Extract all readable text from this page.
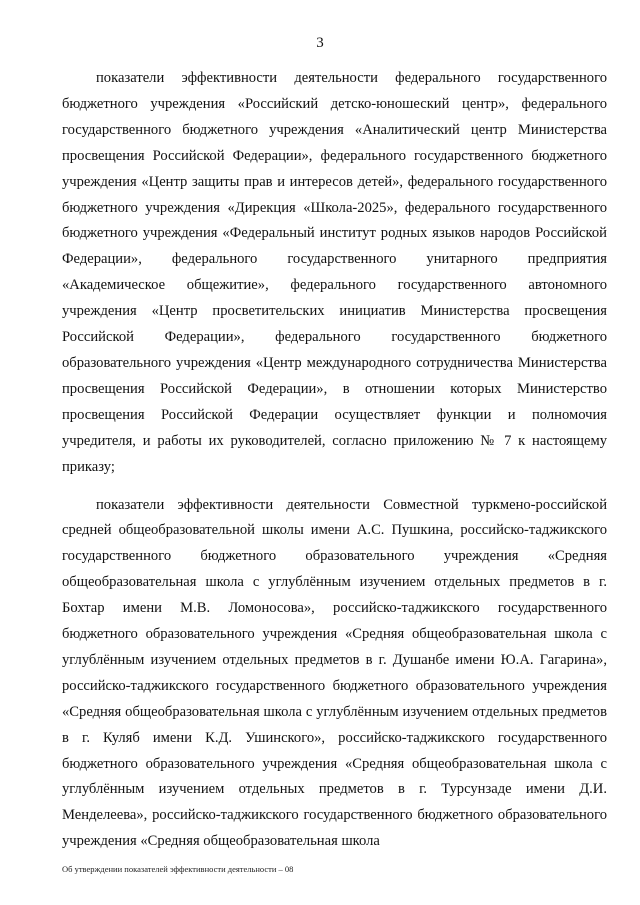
3

показатели эффективности деятельности федерального государственного бюджетного учреждения «Российский детско-юношеский центр», федерального государственного бюджетного учреждения «Аналитический центр Министерства просвещения Российской Федерации», федерального государственного бюджетного учреждения «Центр защиты прав и интересов детей», федерального государственного бюджетного учреждения «Дирекция «Школа-2025», федерального государственного бюджетного учреждения «Федеральный институт родных языков народов Российской Федерации», федерального государственного унитарного предприятия «Академическое общежитие», федерального государственного автономного учреждения «Центр просветительских инициатив Министерства просвещения Российской Федерации», федерального государственного бюджетного образовательного учреждения «Центр международного сотрудничества Министерства просвещения Российской Федерации», в отношении которых Министерство просвещения Российской Федерации осуществляет функции и полномочия учредителя, и работы их руководителей, согласно приложению № 7 к настоящему приказу;

показатели эффективности деятельности Совместной туркмено-российской средней общеобразовательной школы имени А.С. Пушкина, российско-таджикского государственного бюджетного образовательного учреждения «Средняя общеобразовательная школа с углублённым изучением отдельных предметов в г. Бохтар имени М.В. Ломоносова», российско-таджикского государственного бюджетного образовательного учреждения «Средняя общеобразовательная школа с углублённым изучением отдельных предметов в г. Душанбе имени Ю.А. Гагарина», российско-таджикского государственного бюджетного образовательного учреждения «Средняя общеобразовательная школа с углублённым изучением отдельных предметов в г. Куляб имени К.Д. Ушинского», российско-таджикского государственного бюджетного образовательного учреждения «Средняя общеобразовательная школа с углублённым изучением отдельных предметов в г. Турсунзаде имени Д.И. Менделеева», российско-таджикского государственного бюджетного образовательного учреждения «Средняя общеобразовательная школа

Об утверждении показателей эффективности деятельности – 08
